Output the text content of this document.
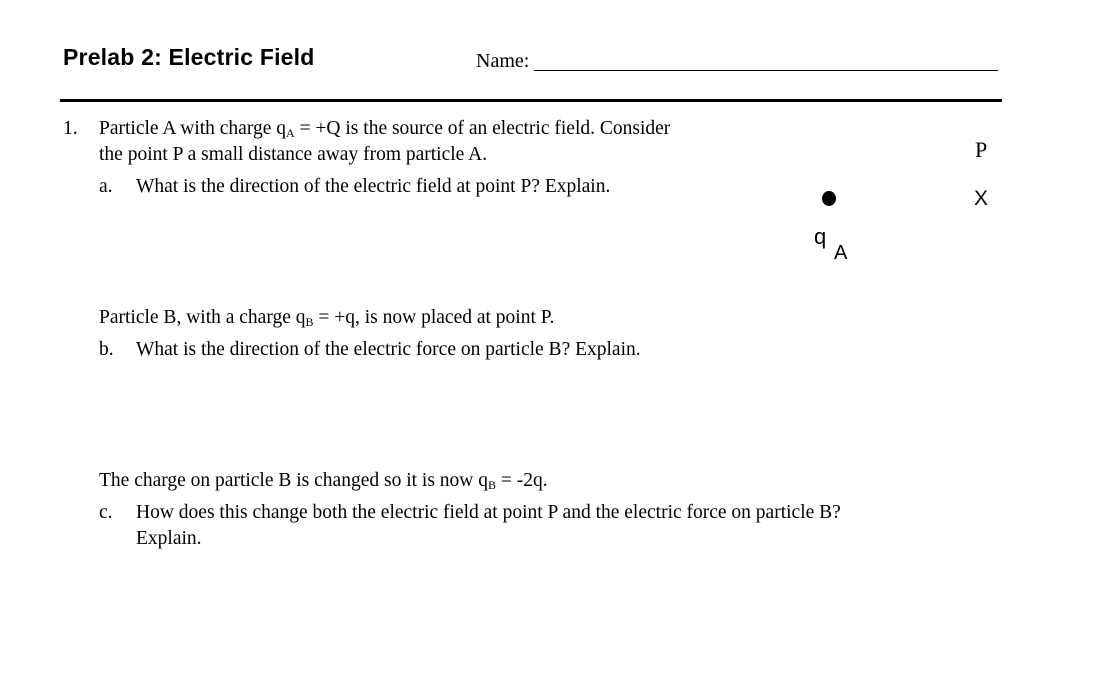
Prelab 2: Electric Field	Name:
1. Particle A with charge $q_A = +Q$ is the source of an electric field. Consider
the point P a small distance away from particle A.
a. What is the direction of the electric field at point P? Explain.
Particle B, with a charge $q_B = +q$, is now placed at point P.
b. What is the direction of the electric force on particle B? Explain.
The charge on particle B is changed so it is now $q_B = -2q$.
c. How does this change both the electric field at point P and the electric force on particle B?
Explain.
q
A
P
X
